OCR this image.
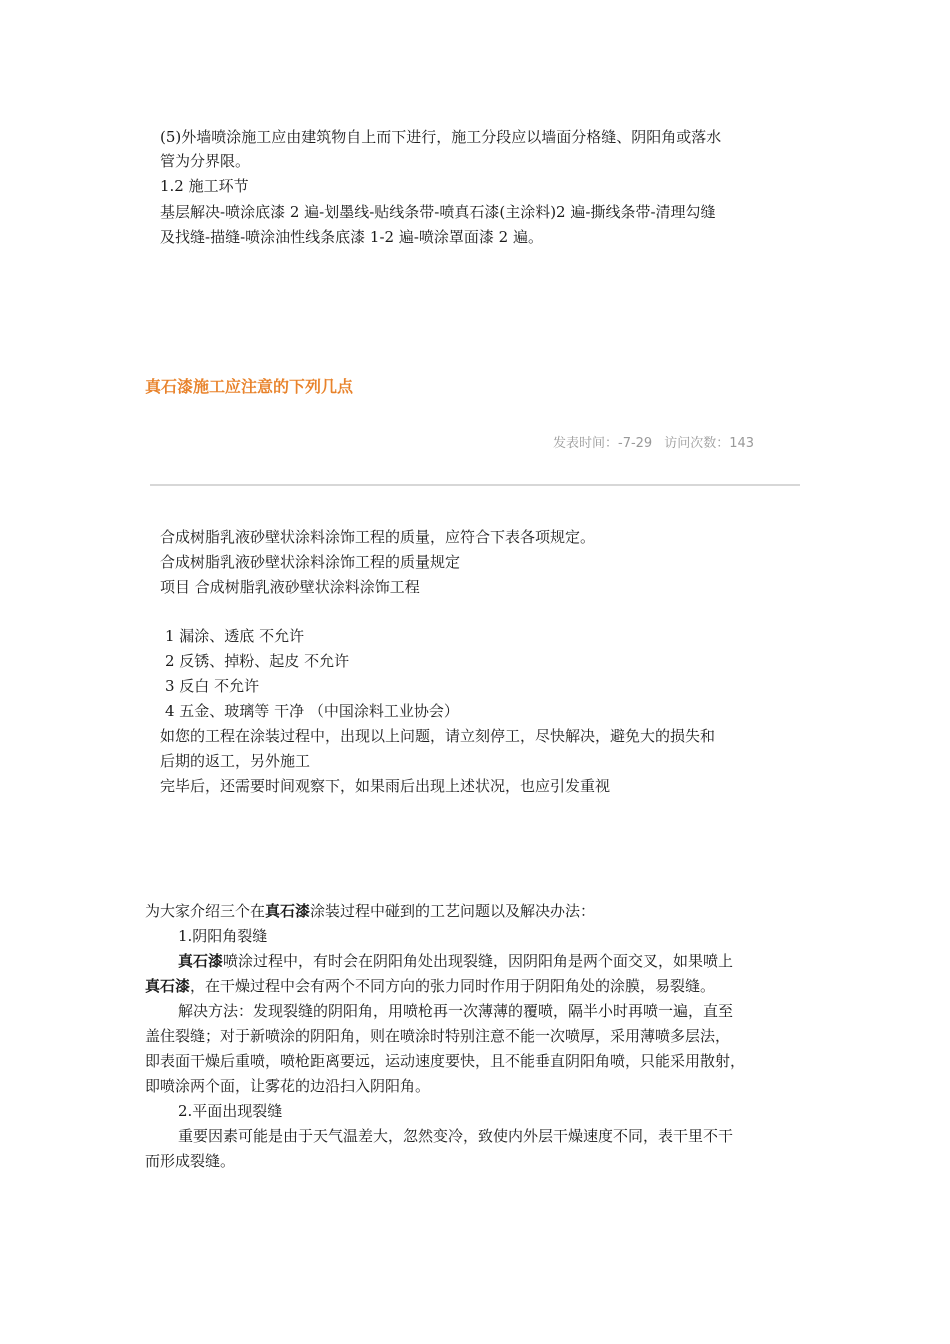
(5)外墙喷涂施工应由建筑物自上而下进行，施工分段应以墙面分格缝、阴阳角或落水
管为分界限。
1.2 施工环节
基层解决-喷涂底漆 2 遍-划墨线-贴线条带-喷真石漆(主涂料)2 遍-撕线条带-清理勾缝
及找缝-描缝-喷涂油性线条底漆 1-2 遍-喷涂罩面漆 2 遍。
真石漆施工应注意的下列几点
发表时间：-7-29 访问次数：143
合成树脂乳液砂壁状涂料涂饰工程的质量，应符合下表各项规定。
合成树脂乳液砂壁状涂料涂饰工程的质量规定
项目 合成树脂乳液砂壁状涂料涂饰工程
1 漏涂、透底 不允许
2 反锈、掉粉、起皮 不允许
3 反白 不允许
4 五金、玻璃等 干净 （中国涂料工业协会）
如您的工程在涂装过程中，出现以上问题，请立刻停工，尽快解决，避免大的损失和
后期的返工，另外施工
完毕后，还需要时间观察下，如果雨后出现上述状况，也应引发重视
为大家介绍三个在真石漆涂装过程中碰到的工艺问题以及解决办法：
1.阴阳角裂缝
真石漆喷涂过程中，有时会在阴阳角处出现裂缝，因阴阳角是两个面交叉，如果喷上
真石漆，在干燥过程中会有两个不同方向的张力同时作用于阴阳角处的涂膜，易裂缝。
解决方法：发现裂缝的阴阳角，用喷枪再一次薄薄的覆喷，隔半小时再喷一遍，直至
盖住裂缝；对于新喷涂的阴阳角，则在喷涂时特别注意不能一次喷厚，采用薄喷多层法，
即表面干燥后重喷，喷枪距离要远，运动速度要快，且不能垂直阴阳角喷，只能采用散射，
即喷涂两个面，让雾花的边沿扫入阴阳角。
2.平面出现裂缝
重要因素可能是由于天气温差大，忽然变冷，致使内外层干燥速度不同，表干里不干
而形成裂缝。
